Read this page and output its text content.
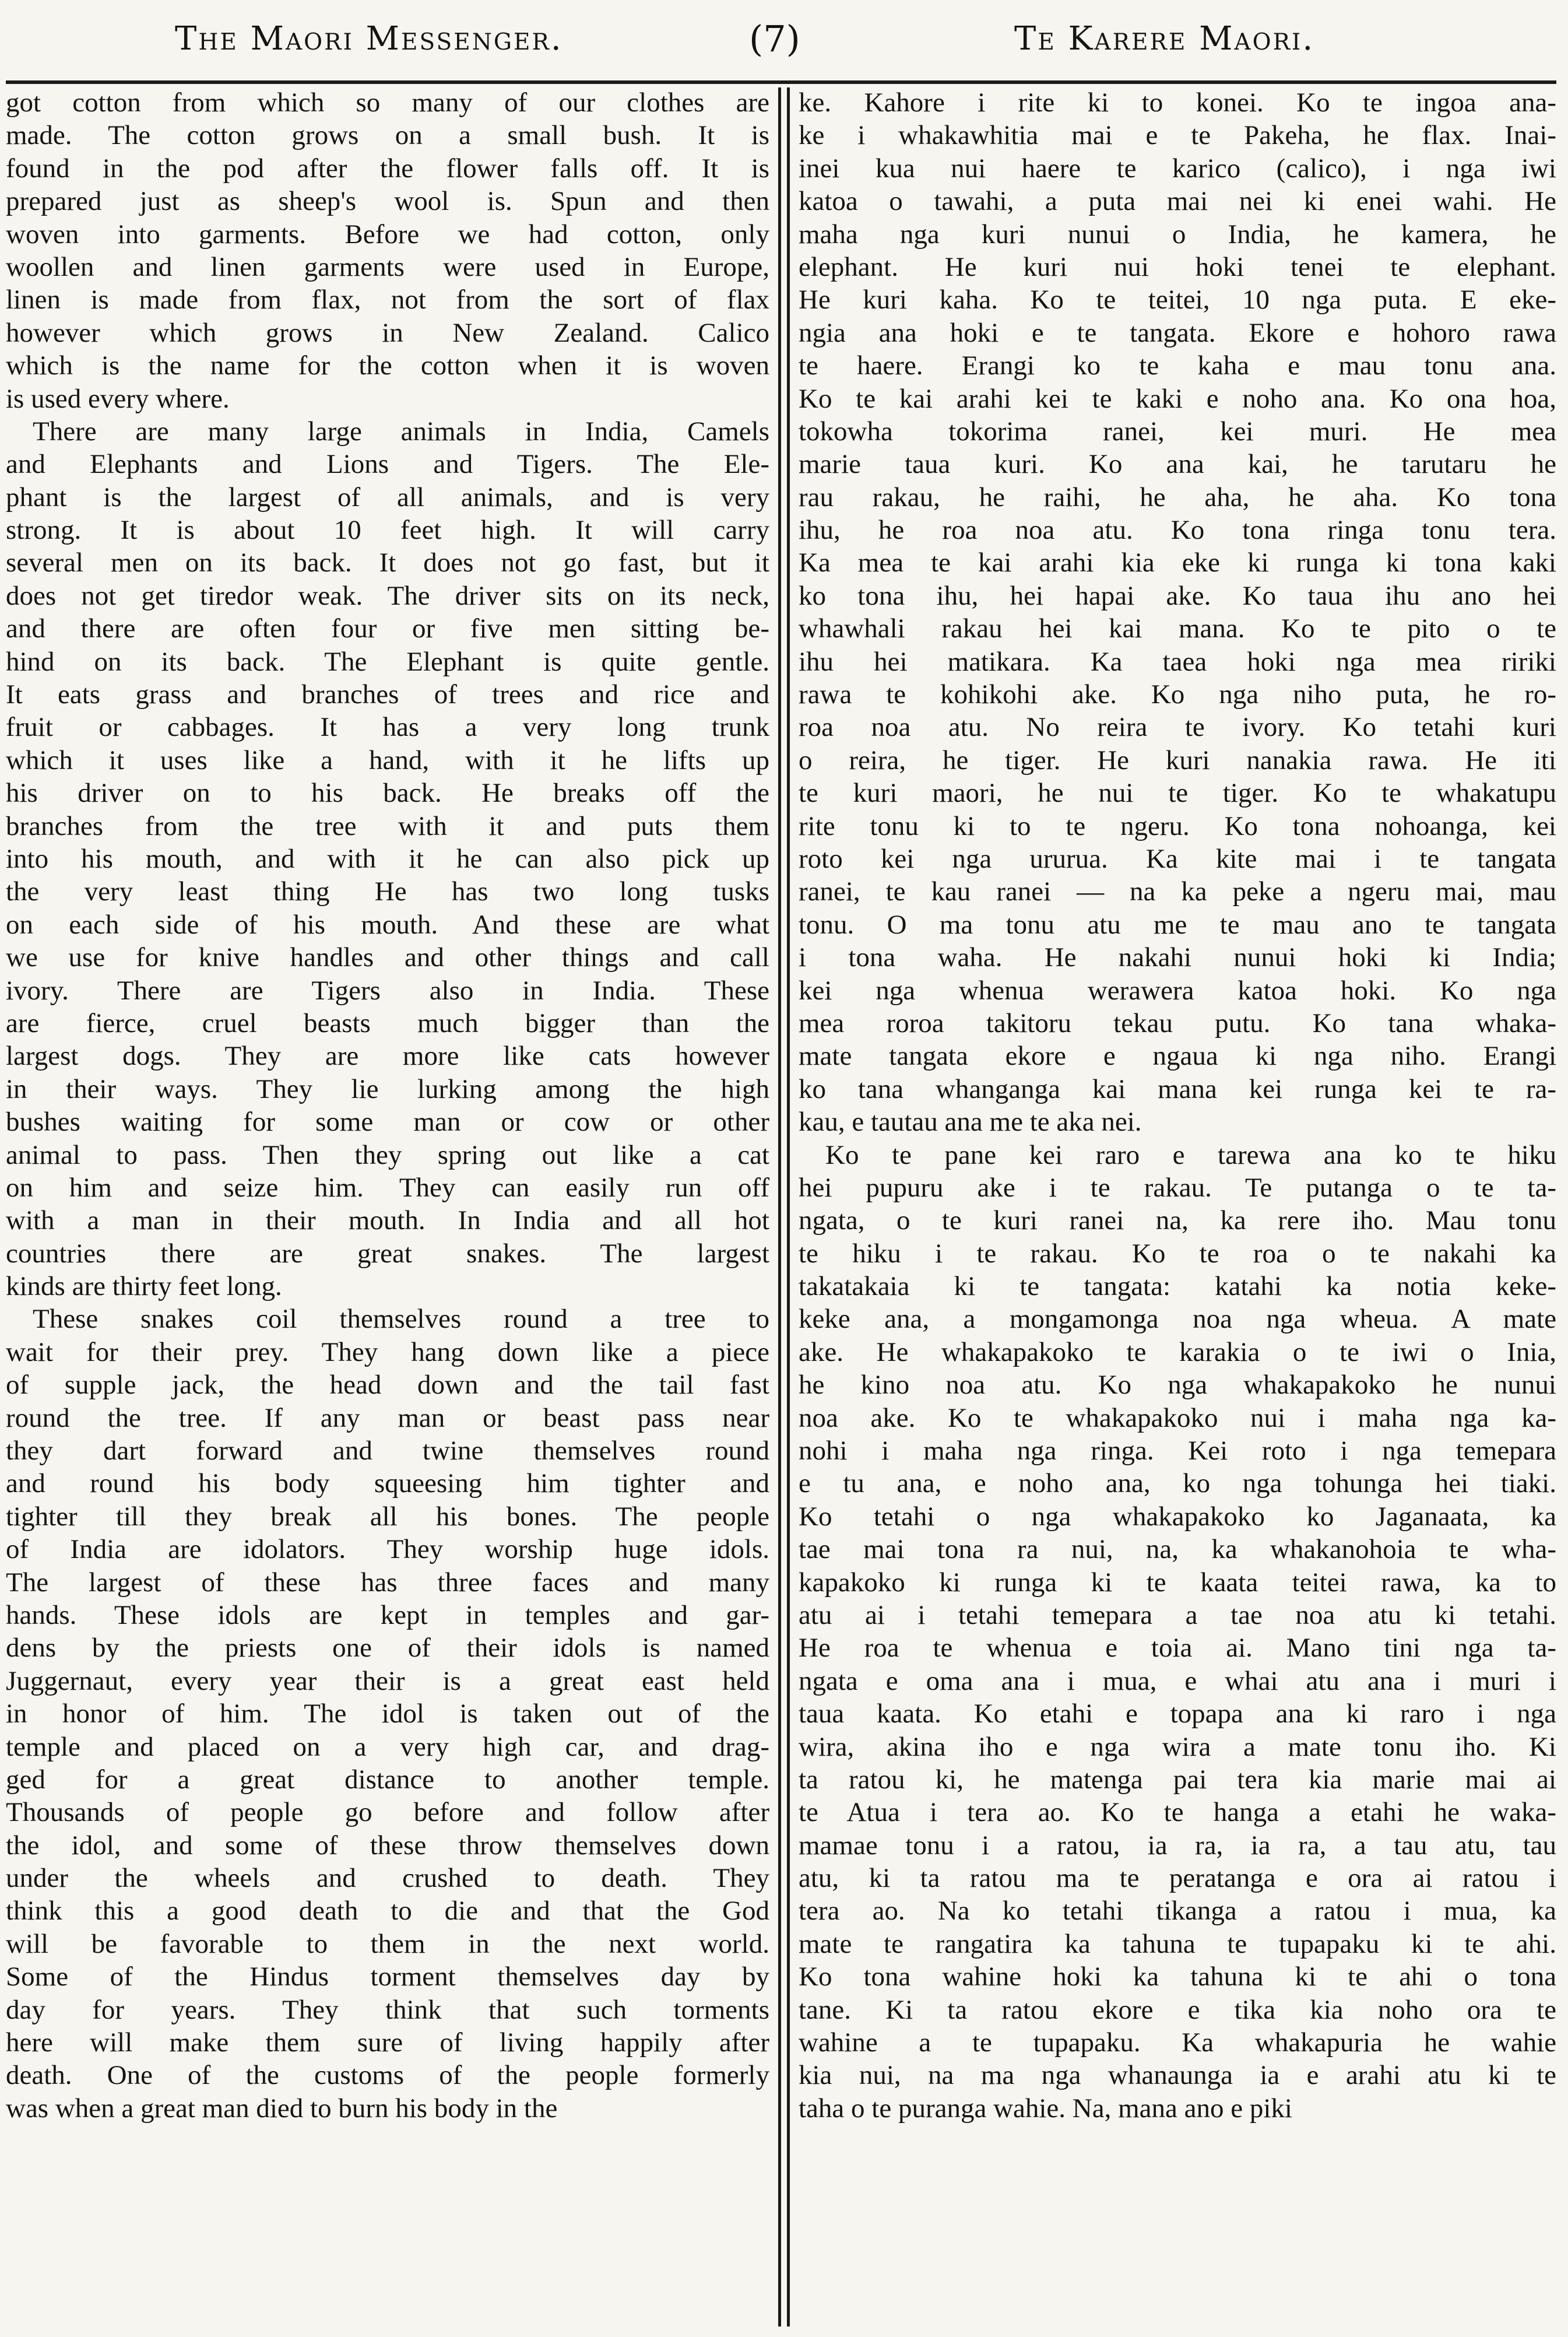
The Maori Messenger.	(7)	Te Karere Maori.
got cotton from which so many of our clothes are
made. The cotton grows on a small bush. It is
found in the pod after the flower falls off. It is
prepared just as sheep's wool is. Spun and then
woven into garments. Before we had cotton, only
woollen and linen garments were used in Europe,
linen is made from flax, not from the sort of flax
however which grows in New Zealand. Calico
which is the name for the cotton when it is woven
is used every where.
There are many large animals in India, Camels
and Elephants and Lions and Tigers. The Ele-
phant is the largest of all animals, and is very
strong. It is about 10 feet high. It will carry
several men on its back. It does not go fast, but it
does not get tiredor weak. The driver sits on its neck,
and there are often four or five men sitting be-
hind on its back. The Elephant is quite gentle.
It eats grass and branches of trees and rice and
fruit or cabbages. It has a very long trunk
which it uses like a hand, with it he lifts up
his driver on to his back. He breaks off the
branches from the tree with it and puts them
into his mouth, and with it he can also pick up
the very least thing He has two long tusks
on each side of his mouth. And these are what
we use for knive handles and other things and call
ivory. There are Tigers also in India. These
are fierce, cruel beasts much bigger than the
largest dogs. They are more like cats however
in their ways. They lie lurking among the high
bushes waiting for some man or cow or other
animal to pass. Then they spring out like a cat
on him and seize him. They can easily run off
with a man in their mouth. In India and all hot
countries there are great snakes. The largest
kinds are thirty feet long.
These snakes coil themselves round a tree to
wait for their prey. They hang down like a piece
of supple jack, the head down and the tail fast
round the tree. If any man or beast pass near
they dart forward and twine themselves round
and round his body squeesing him tighter and
tighter till they break all his bones. The people
of India are idolators. They worship huge idols.
The largest of these has three faces and many
hands. These idols are kept in temples and gar-
dens by the priests one of their idols is named
Juggernaut, every year their is a great east held
in honor of him. The idol is taken out of the
temple and placed on a very high car, and drag-
ged for a great distance to another temple.
Thousands of people go before and follow after
the idol, and some of these throw themselves down
under the wheels and crushed to death. They
think this a good death to die and that the God
will be favorable to them in the next world.
Some of the Hindus torment themselves day by
day for years. They think that such torments
here will make them sure of living happily after
death. One of the customs of the people formerly
was when a great man died to burn his body in the
ke. Kahore i rite ki to konei. Ko te ingoa ana-
ke i whakawhitia mai e te Pakeha, he flax. Inai-
inei kua nui haere te karico (calico), i nga iwi
katoa o tawahi, a puta mai nei ki enei wahi. He
maha nga kuri nunui o India, he kamera, he
elephant. He kuri nui hoki tenei te elephant.
He kuri kaha. Ko te teitei, 10 nga puta. E eke-
ngia ana hoki e te tangata. Ekore e hohoro rawa
te haere. Erangi ko te kaha e mau tonu ana.
Ko te kai arahi kei te kaki e noho ana. Ko ona hoa,
tokowha tokorima ranei, kei muri. He mea
marie taua kuri. Ko ana kai, he tarutaru he
rau rakau, he raihi, he aha, he aha. Ko tona
ihu, he roa noa atu. Ko tona ringa tonu tera.
Ka mea te kai arahi kia eke ki runga ki tona kaki
ko tona ihu, hei hapai ake. Ko taua ihu ano hei
whawhali rakau hei kai mana. Ko te pito o te
ihu hei matikara. Ka taea hoki nga mea ririki
rawa te kohikohi ake. Ko nga niho puta, he ro-
roa noa atu. No reira te ivory. Ko tetahi kuri
o reira, he tiger. He kuri nanakia rawa. He iti
te kuri maori, he nui te tiger. Ko te whakatupu
rite tonu ki to te ngeru. Ko tona nohoanga, kei
roto kei nga ururua. Ka kite mai i te tangata
ranei, te kau ranei — na ka peke a ngeru mai, mau
tonu. O ma tonu atu me te mau ano te tangata
i tona waha. He nakahi nunui hoki ki India;
kei nga whenua werawera katoa hoki. Ko nga
mea roroa takitoru tekau putu. Ko tana whaka-
mate tangata ekore e ngaua ki nga niho. Erangi
ko tana whanganga kai mana kei runga kei te ra-
kau, e tautau ana me te aka nei.
Ko te pane kei raro e tarewa ana ko te hiku
hei pupuru ake i te rakau. Te putanga o te ta-
ngata, o te kuri ranei na, ka rere iho. Mau tonu
te hiku i te rakau. Ko te roa o te nakahi ka
takatakaia ki te tangata: katahi ka notia keke-
keke ana, a mongamonga noa nga wheua. A mate
ake. He whakapakoko te karakia o te iwi o Inia,
he kino noa atu. Ko nga whakapakoko he nunui
noa ake. Ko te whakapakoko nui i maha nga ka-
nohi i maha nga ringa. Kei roto i nga temepara
e tu ana, e noho ana, ko nga tohunga hei tiaki.
Ko tetahi o nga whakapakoko ko Jaganaata, ka
tae mai tona ra nui, na, ka whakanohoia te wha-
kapakoko ki runga ki te kaata teitei rawa, ka to
atu ai i tetahi temepara a tae noa atu ki tetahi.
He roa te whenua e toia ai. Mano tini nga ta-
ngata e oma ana i mua, e whai atu ana i muri i
taua kaata. Ko etahi e topapa ana ki raro i nga
wira, akina iho e nga wira a mate tonu iho. Ki
ta ratou ki, he matenga pai tera kia marie mai ai
te Atua i tera ao. Ko te hanga a etahi he waka-
mamae tonu i a ratou, ia ra, ia ra, a tau atu, tau
atu, ki ta ratou ma te peratanga e ora ai ratou i
tera ao. Na ko tetahi tikanga a ratou i mua, ka
mate te rangatira ka tahuna te tupapaku ki te ahi.
Ko tona wahine hoki ka tahuna ki te ahi o tona
tane. Ki ta ratou ekore e tika kia noho ora te
wahine a te tupapaku. Ka whakapuria he wahie
kia nui, na ma nga whanaunga ia e arahi atu ki te
taha o te puranga wahie. Na, mana ano e piki
